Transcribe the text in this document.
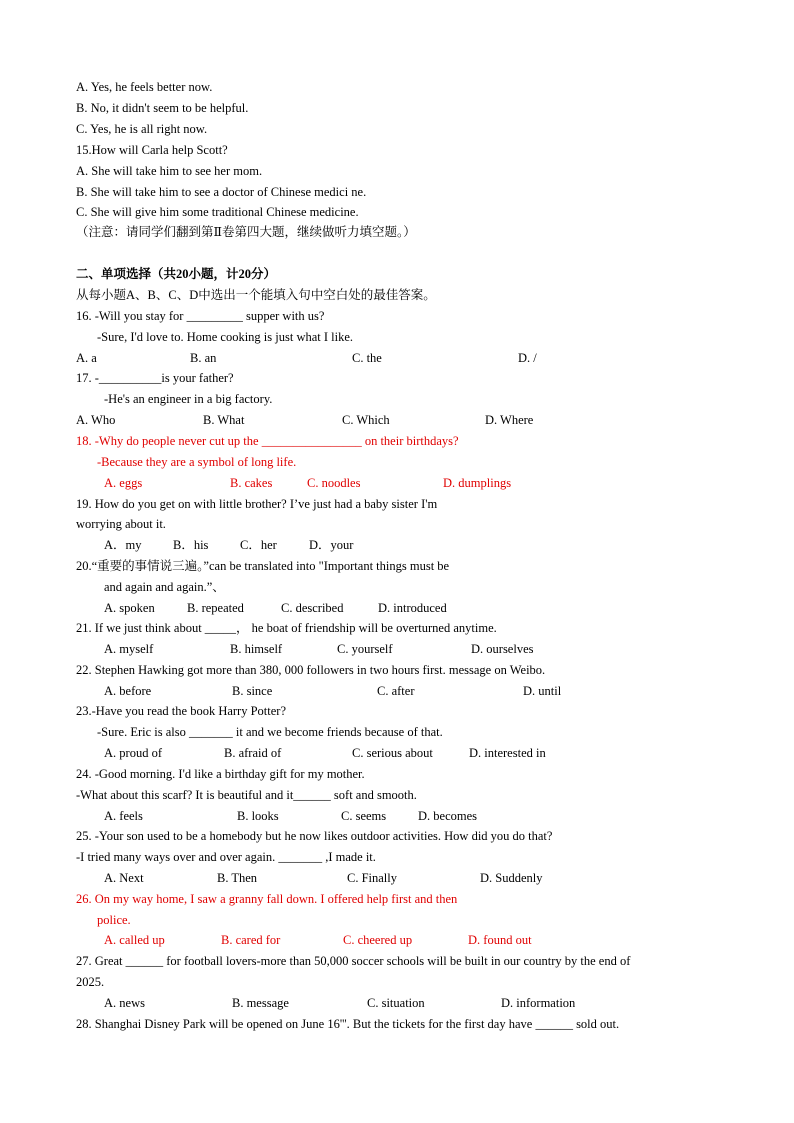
A. Yes, he feels better now.
B. No, it didn't seem to be helpful.
C. Yes, he is all right now.
15.How will Carla help Scott?
A. She will take him to see her mom.
B. She will take him to see a doctor of Chinese medici ne.
C. She will give him some traditional Chinese medicine.
（注意：请同学们翻到第Ⅱ卷第四大题，继续做听力填空题。）
二、单项选择（共20小题，计20分）
从每小题A、B、C、D中选出一个能填入句中空白处的最佳答案。
16. -Will you stay for _________ supper with us?
-Sure, I'd love to. Home cooking is just what I like.
17. -__________is your father?
-He's an engineer in a big factory.
18. -Why do people never cut up the ________________ on their birthdays?
-Because they are a symbol of long life.
19. How do you get on with little brother? I’ve just had a baby sister I'm
worrying about it.
20.“重要的事情说三遍。”can be translated into "Important things must be
and again and again.”、
21. If we just think about _____， he boat of friendship will be overturned anytime.
22. Stephen Hawking got more than 380, 000 followers in two hours first. message on Weibo.
23.-Have you read the book Harry Potter?
-Sure. Eric is also _______ it and we become friends because of that.
24. -Good morning. I'd like a birthday gift for my mother.
-What about this scarf? It is beautiful and it______ soft and smooth.
25. -Your son used to be a homebody but he now likes outdoor activities. How did you do that?
-I tried many ways over and over again. _______ ,I made it.
26. On my way home, I saw a granny fall down. I offered help first and then
police.
27. Great ______ for football lovers-more than 50,000 soccer schools will be built in our country by the end of
2025.
28. Shanghai Disney Park will be opened on June 16'''. But the tickets for the first day have ______ sold out.
A. a	B. an	C. the	D. /
A. Who	B. What	C. Which	D. Where
A. eggs	B. cakes	C. noodles	D. dumplings
A．my	B．his	C．her	D．your
A. spoken	B. repeated	C. described	D. introduced
A. myself	B. himself	C. yourself	D. ourselves
A. before	B. since	C. after	D. until
A. proud of	B. afraid of	C. serious about	D. interested in
A. feels	B. looks	C. seems	D. becomes
A. Next	B. Then	C. Finally	D. Suddenly
A. called up	B. cared for	C. cheered up	D. found out
A. news	B. message	C. situation	D. information
